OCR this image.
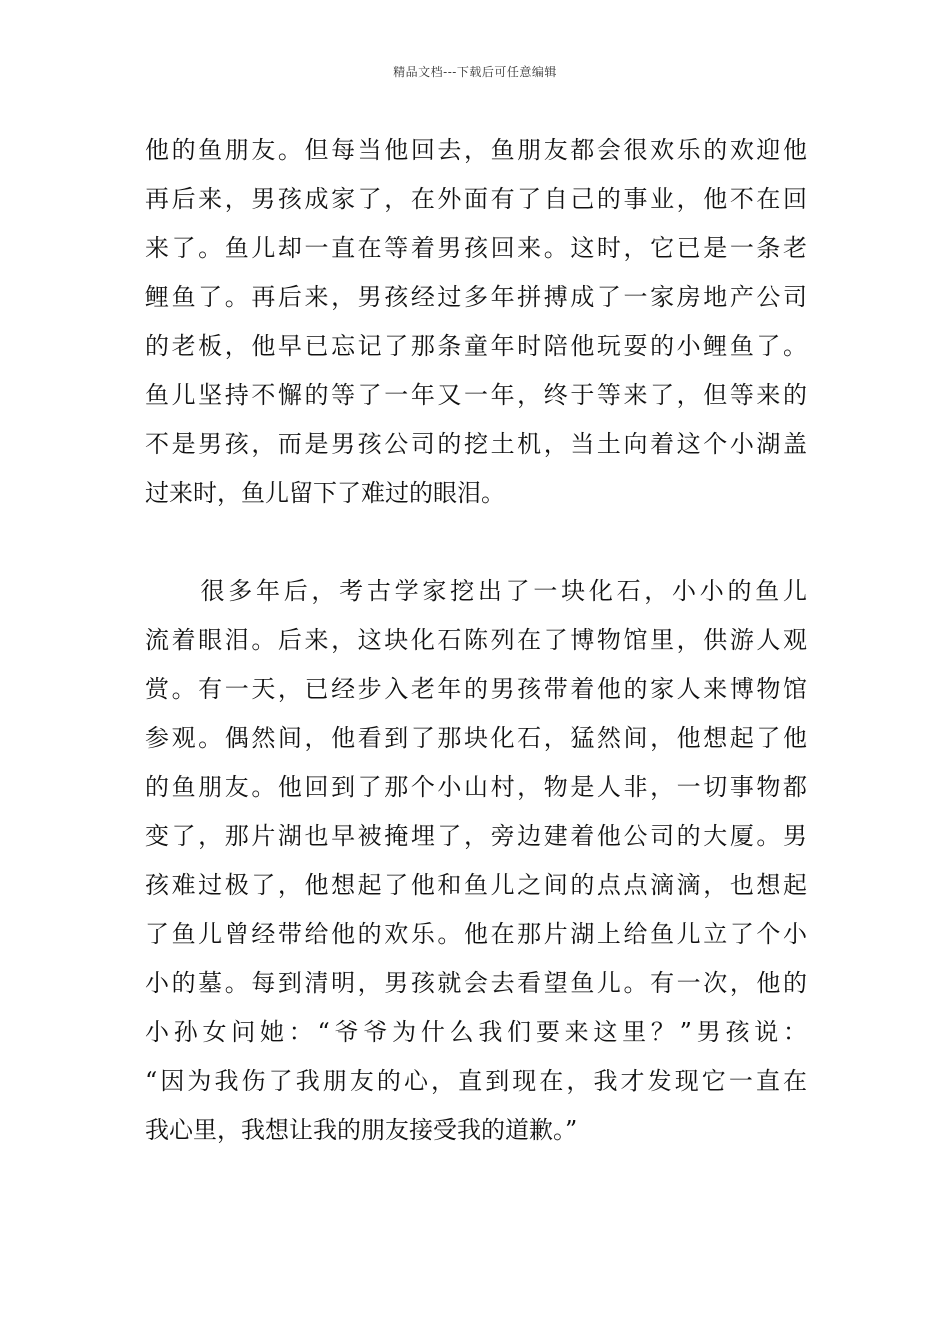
精品文档---下载后可任意编辑
他的鱼朋友。但每当他回去，鱼朋友都会很欢乐的欢迎他
再后来，男孩成家了，在外面有了自己的事业，他不在回
来了。鱼儿却一直在等着男孩回来。这时，它已是一条老
鲤鱼了。再后来，男孩经过多年拼搏成了一家房地产公司
的老板，他早已忘记了那条童年时陪他玩耍的小鲤鱼了。
鱼儿坚持不懈的等了一年又一年，终于等来了，但等来的
不是男孩，而是男孩公司的挖土机，当土向着这个小湖盖
过来时，鱼儿留下了难过的眼泪。
　　很多年后，考古学家挖出了一块化石，小小的鱼儿
流着眼泪。后来，这块化石陈列在了博物馆里，供游人观
赏。有一天，已经步入老年的男孩带着他的家人来博物馆
参观。偶然间，他看到了那块化石，猛然间，他想起了他
的鱼朋友。他回到了那个小山村，物是人非，一切事物都
变了，那片湖也早被掩埋了，旁边建着他公司的大厦。男
孩难过极了，他想起了他和鱼儿之间的点点滴滴，也想起
了鱼儿曾经带给他的欢乐。他在那片湖上给鱼儿立了个小
小的墓。每到清明，男孩就会去看望鱼儿。有一次，他的
小孙女问她：“爷爷为什么我们要来这里？”男孩说：
“因为我伤了我朋友的心，直到现在，我才发现它一直在
我心里，我想让我的朋友接受我的道歉。”
